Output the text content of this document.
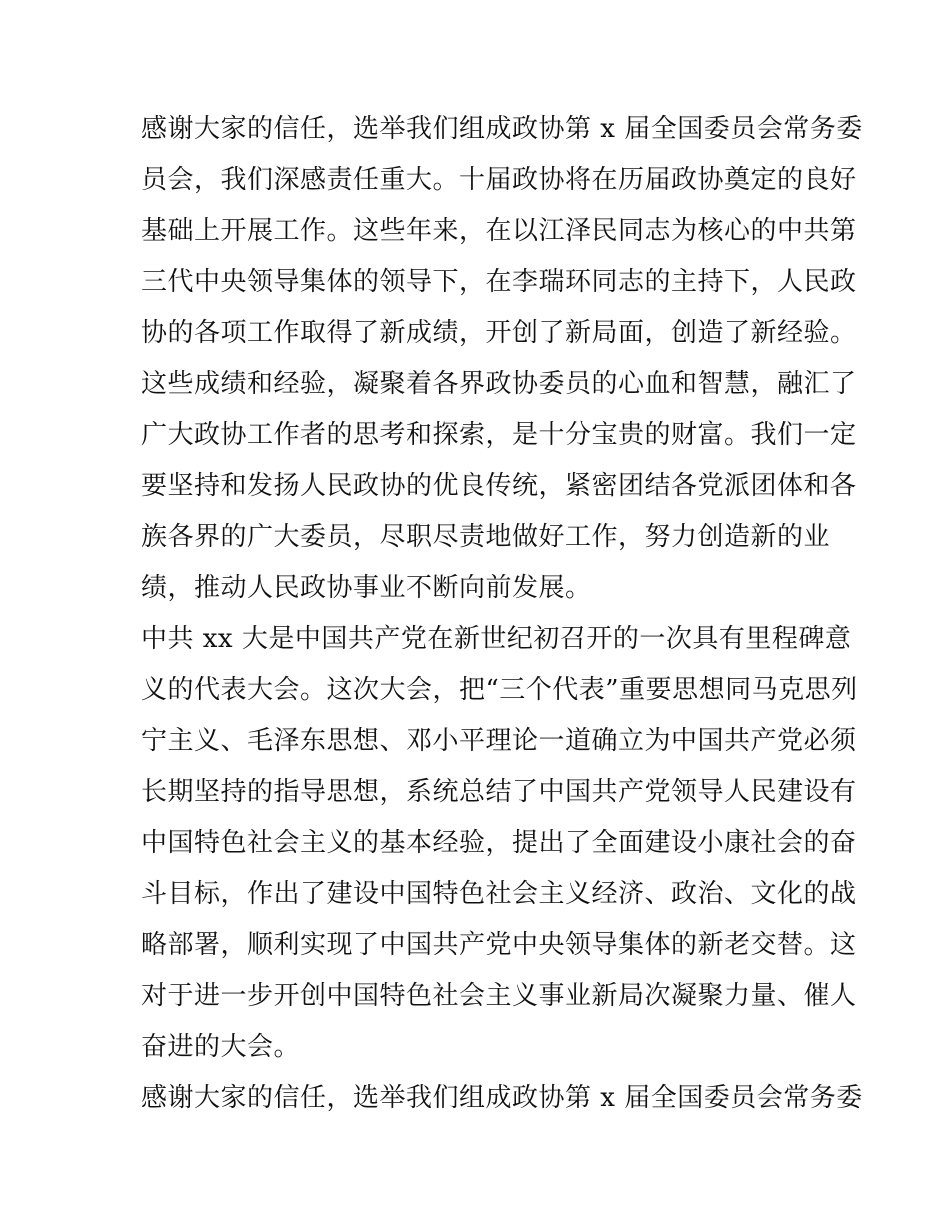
感谢大家的信任，选举我们组成政协第 x 届全国委员会常务委
员会，我们深感责任重大。十届政协将在历届政协奠定的良好
基础上开展工作。这些年来，在以江泽民同志为核心的中共第
三代中央领导集体的领导下，在李瑞环同志的主持下，人民政
协的各项工作取得了新成绩，开创了新局面，创造了新经验。
这些成绩和经验，凝聚着各界政协委员的心血和智慧，融汇了
广大政协工作者的思考和探索，是十分宝贵的财富。我们一定
要坚持和发扬人民政协的优良传统，紧密团结各党派团体和各
族各界的广大委员，尽职尽责地做好工作，努力创造新的业
绩，推动人民政协事业不断向前发展。
中共 xx 大是中国共产党在新世纪初召开的一次具有里程碑意
义的代表大会。这次大会，把“三个代表”重要思想同马克思列
宁主义、毛泽东思想、邓小平理论一道确立为中国共产党必须
长期坚持的指导思想，系统总结了中国共产党领导人民建设有
中国特色社会主义的基本经验，提出了全面建设小康社会的奋
斗目标，作出了建设中国特色社会主义经济、政治、文化的战
略部署，顺利实现了中国共产党中央领导集体的新老交替。这
对于进一步开创中国特色社会主义事业新局次凝聚力量、催人
奋进的大会。
感谢大家的信任，选举我们组成政协第 x 届全国委员会常务委
